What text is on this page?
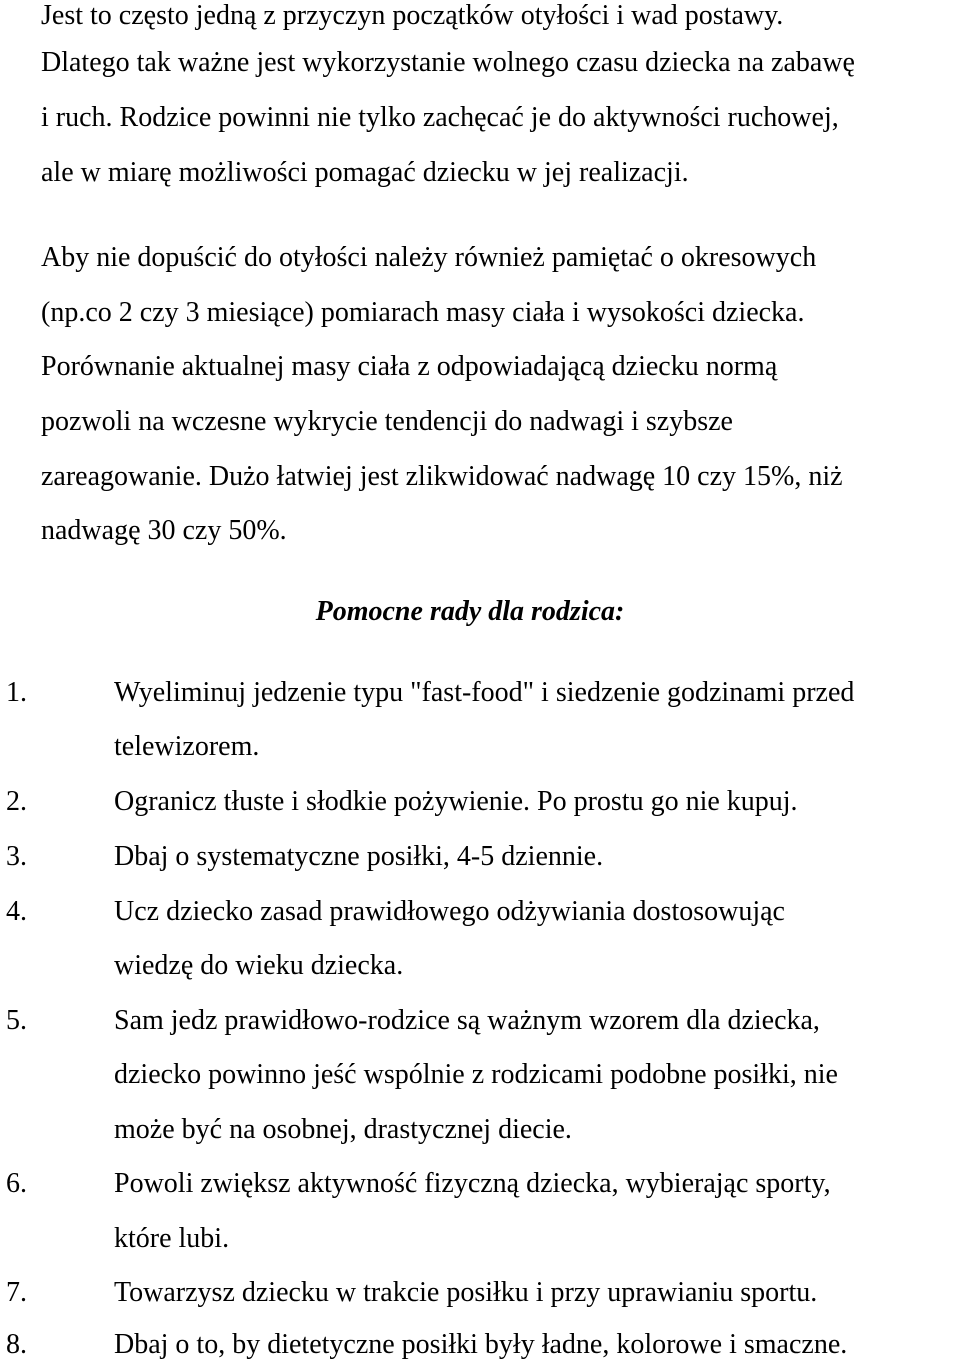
Jest to często jedną z przyczyn początków otyłości i wad postawy.
Dlatego tak ważne jest wykorzystanie wolnego czasu dziecka na zabawę
i ruch. Rodzice powinni nie tylko zachęcać je do aktywności ruchowej,
ale w miarę możliwości pomagać dziecku w jej realizacji.
Aby nie dopuścić do otyłości należy również pamiętać o okresowych
(np.co 2 czy 3 miesiące) pomiarach masy ciała i wysokości dziecka.
Porównanie aktualnej masy ciała z odpowiadającą dziecku normą
pozwoli na wczesne wykrycie tendencji do nadwagi i szybsze
zareagowanie. Dużo łatwiej jest zlikwidować nadwagę 10 czy 15%, niż
nadwagę 30 czy 50%.
Pomocne rady dla rodzica:
1.	Wyeliminuj jedzenie typu "fast-food" i siedzenie godzinami przed
telewizorem.
2.	Ogranicz tłuste i słodkie pożywienie. Po prostu go nie kupuj.
3.	Dbaj o systematyczne posiłki, 4-5 dziennie.
4.	Ucz dziecko zasad prawidłowego odżywiania dostosowując
wiedzę do wieku dziecka.
5.	Sam jedz prawidłowo-rodzice są ważnym wzorem dla dziecka,
dziecko powinno jeść wspólnie z rodzicami podobne posiłki, nie
może być na osobnej, drastycznej diecie.
6.	Powoli zwiększ aktywność fizyczną dziecka, wybierając sporty,
które lubi.
7.	Towarzysz dziecku w trakcie posiłku i przy uprawianiu sportu.
8.	Dbaj o to, by dietetyczne posiłki były ładne, kolorowe i smaczne.
